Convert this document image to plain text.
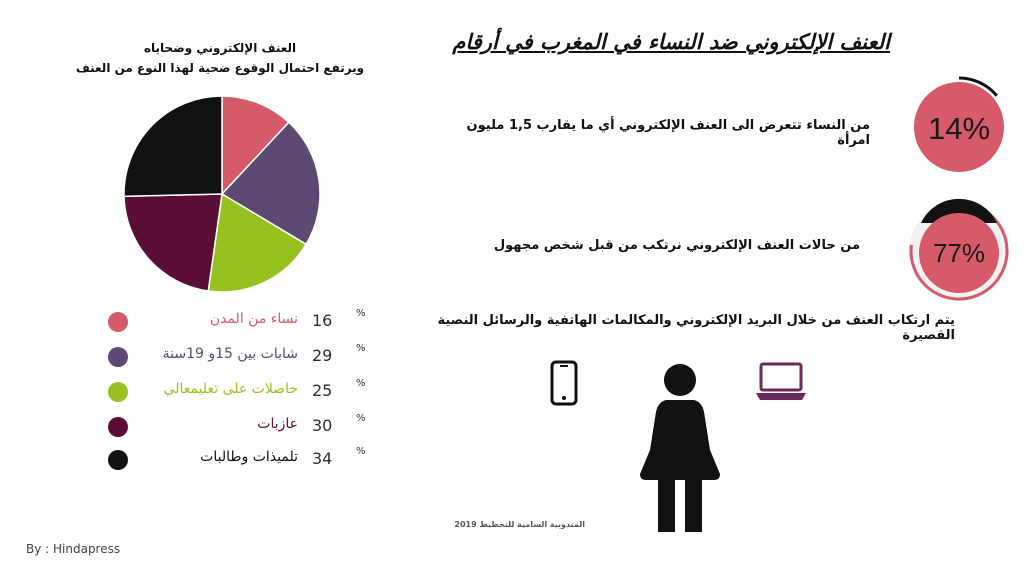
العنف الإلكتروني ضد النساء في المغرب في أرقام
العنف الإلكتروني وضحاياه
ويرتفع احتمال الوقوع ضحية لهذا النوع من العنف
نساء من المدن 16 %
شابات بين 15و 19سنة 29 %
حاصلات على تعليمعالي 25 %
عازبات 30 %
تلميذات وطالبات 34 %
من النساء تتعرض الى العنف الإلكتروني أي ما يقارب 1,5 مليون امرأة 14%
من حالات العنف الإلكتروني نرتكب من قبل شخص مجهول	77%
يتم ارتكاب العنف من خلال البريد الإلكتروني والمكالمات الهاتفية والرسائل النصية القصيرة
المندوبية السامية للتخطيط 2019
By : Hindapress
